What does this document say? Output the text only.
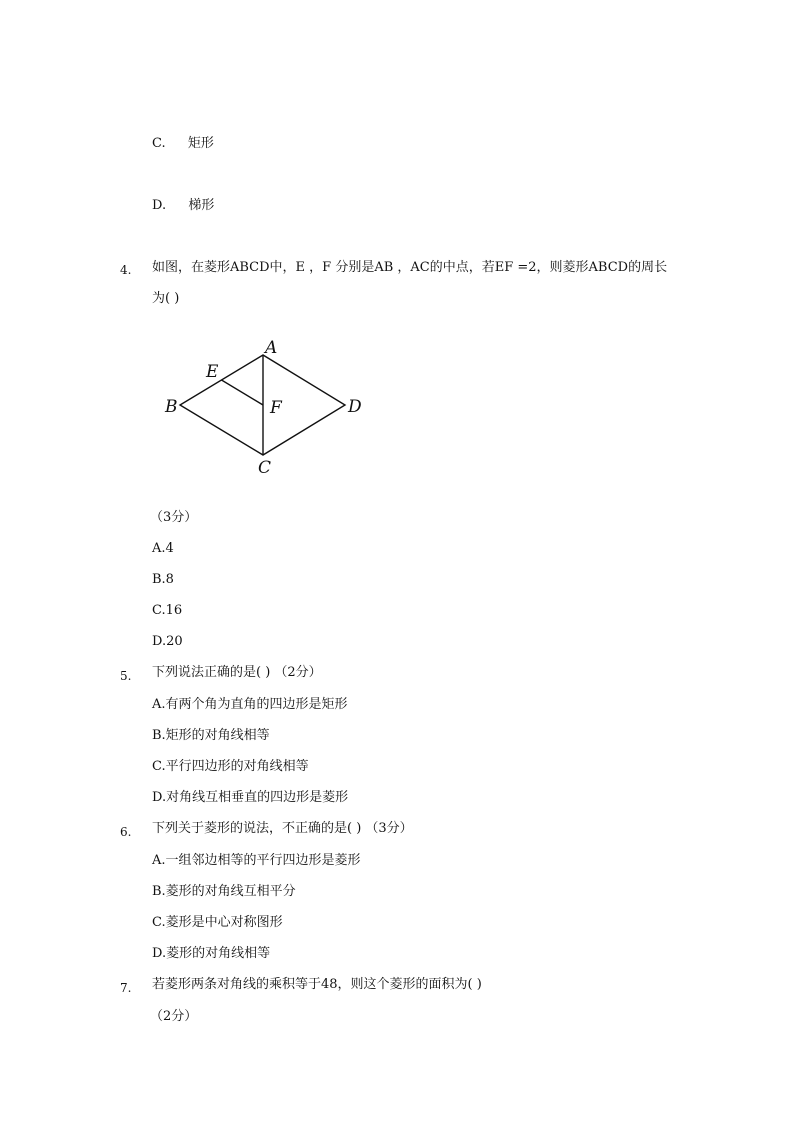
C. 矩形
D. 梯形
4. 如图，在菱形ABCD中，E ，F 分别是AB ，AC的中点，若EF =2，则菱形ABCD的周长
为( )
A
E
B	F	D
C
（3分）
A.4
B.8
C.16
D.20
5. 下列说法正确的是( ) （2分）
A.有两个角为直角的四边形是矩形
B.矩形的对角线相等
C.平行四边形的对角线相等
D.对角线互相垂直的四边形是菱形
6. 下列关于菱形的说法，不正确的是( ) （3分）
A.一组邻边相等的平行四边形是菱形
B.菱形的对角线互相平分
C.菱形是中心对称图形
D.菱形的对角线相等
7. 若菱形两条对角线的乘积等于48，则这个菱形的面积为( )
（2分）
